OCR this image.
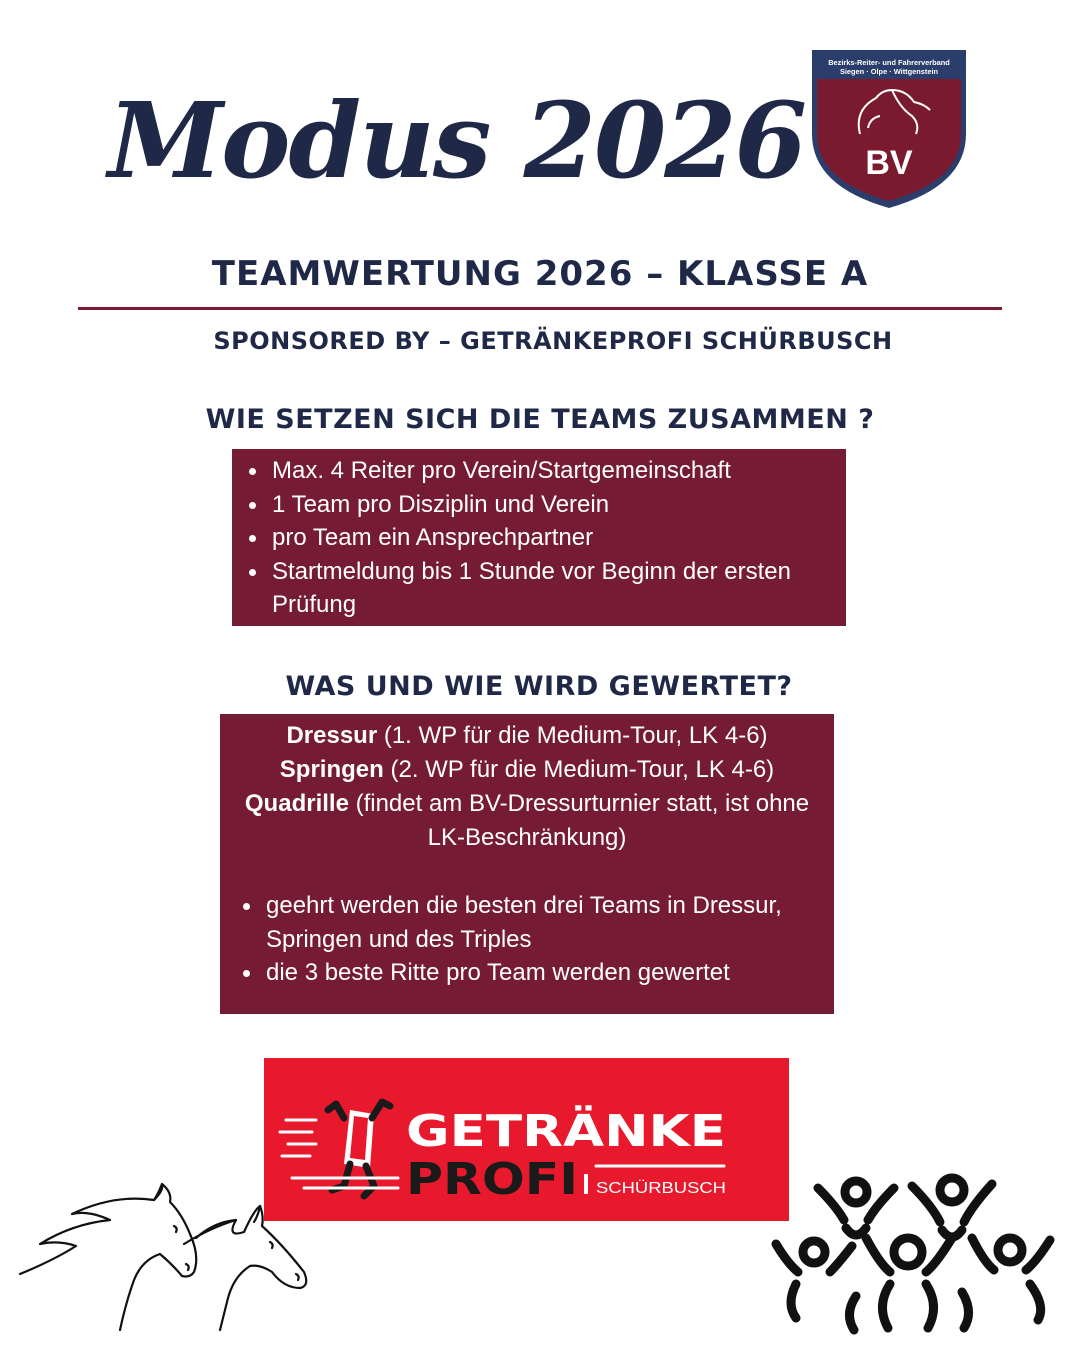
Modus 2026
Bezirks-Reiter- und Fahrerverband
Siegen · Olpe · Wittgenstein
BV
TEAMWERTUNG 2026 – KLASSE A
SPONSORED BY – GETRÄNKEPROFI SCHÜRBUSCH
WIE SETZEN SICH DIE TEAMS ZUSAMMEN ?
Max. 4 Reiter pro Verein/Startgemeinschaft
1 Team pro Disziplin und Verein
pro Team ein Ansprechpartner
Startmeldung bis 1 Stunde vor Beginn der ersten Prüfung
WAS UND WIE WIRD GEWERTET?
Dressur (1. WP für die Medium-Tour, LK 4-6)
Springen (2. WP für die Medium-Tour, LK 4-6)
Quadrille (findet am BV-Dressurturnier statt, ist ohne LK-Beschränkung)
geehrt werden die besten drei Teams in Dressur, Springen und des Triples
die 3 beste Ritte pro Team werden gewertet
GETRÄNKE
PROFI SCHÜRBUSCH
